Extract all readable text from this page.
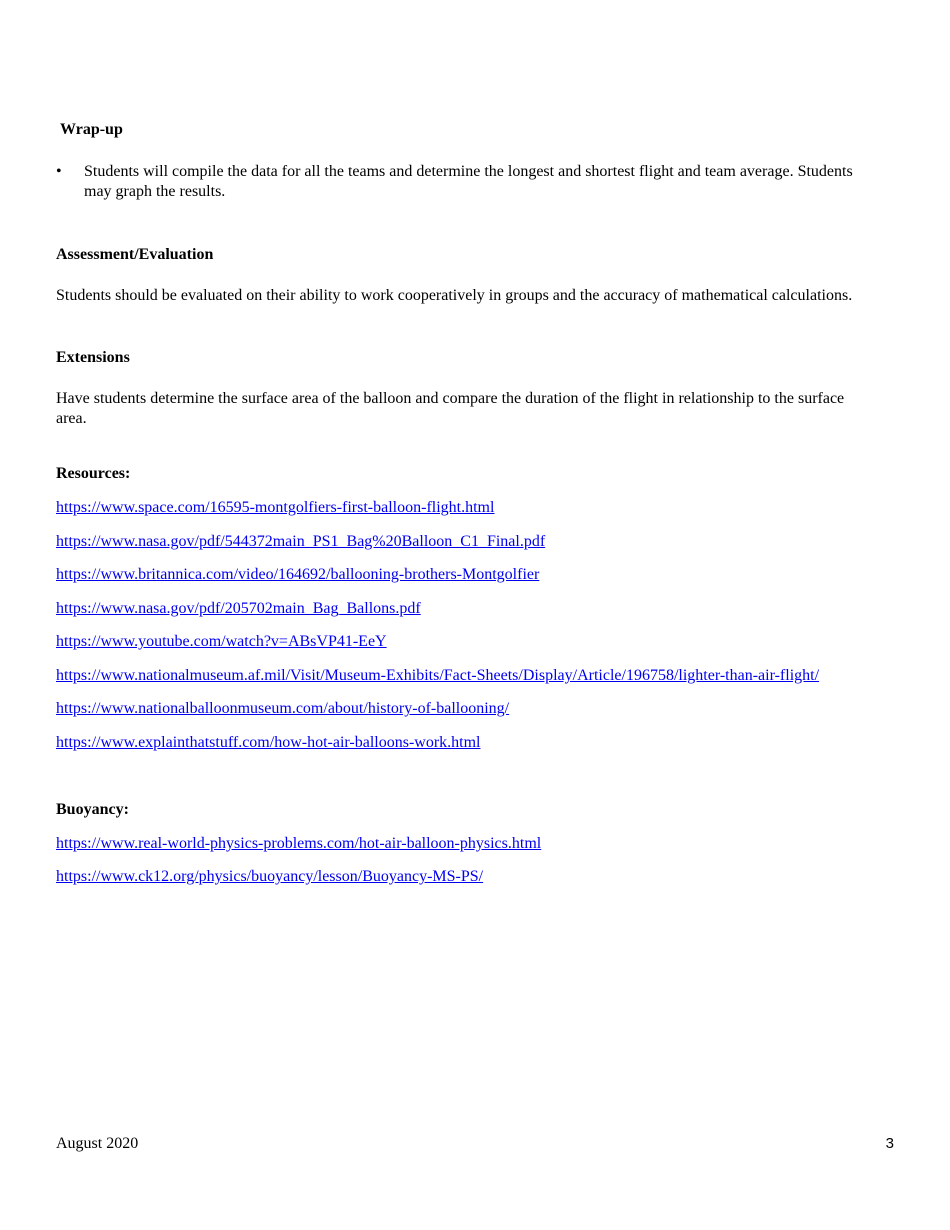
Wrap-up
• Students will compile the data for all the teams and determine the longest and shortest flight and team average. Students may graph the results.
Assessment/Evaluation
Students should be evaluated on their ability to work cooperatively in groups and the accuracy of mathematical calculations.
Extensions
Have students determine the surface area of the balloon and compare the duration of the flight in relationship to the surface area.
Resources:
https://www.space.com/16595-montgolfiers-first-balloon-flight.html
https://www.nasa.gov/pdf/544372main_PS1_Bag%20Balloon_C1_Final.pdf
https://www.britannica.com/video/164692/ballooning-brothers-Montgolfier
https://www.nasa.gov/pdf/205702main_Bag_Ballons.pdf
https://www.youtube.com/watch?v=ABsVP41-EeY
https://www.nationalmuseum.af.mil/Visit/Museum-Exhibits/Fact-Sheets/Display/Article/196758/lighter-than-air-flight/
https://www.nationalballoonmuseum.com/about/history-of-ballooning/
https://www.explainthatstuff.com/how-hot-air-balloons-work.html
Buoyancy:
https://www.real-world-physics-problems.com/hot-air-balloon-physics.html
https://www.ck12.org/physics/buoyancy/lesson/Buoyancy-MS-PS/
August 2020	3
